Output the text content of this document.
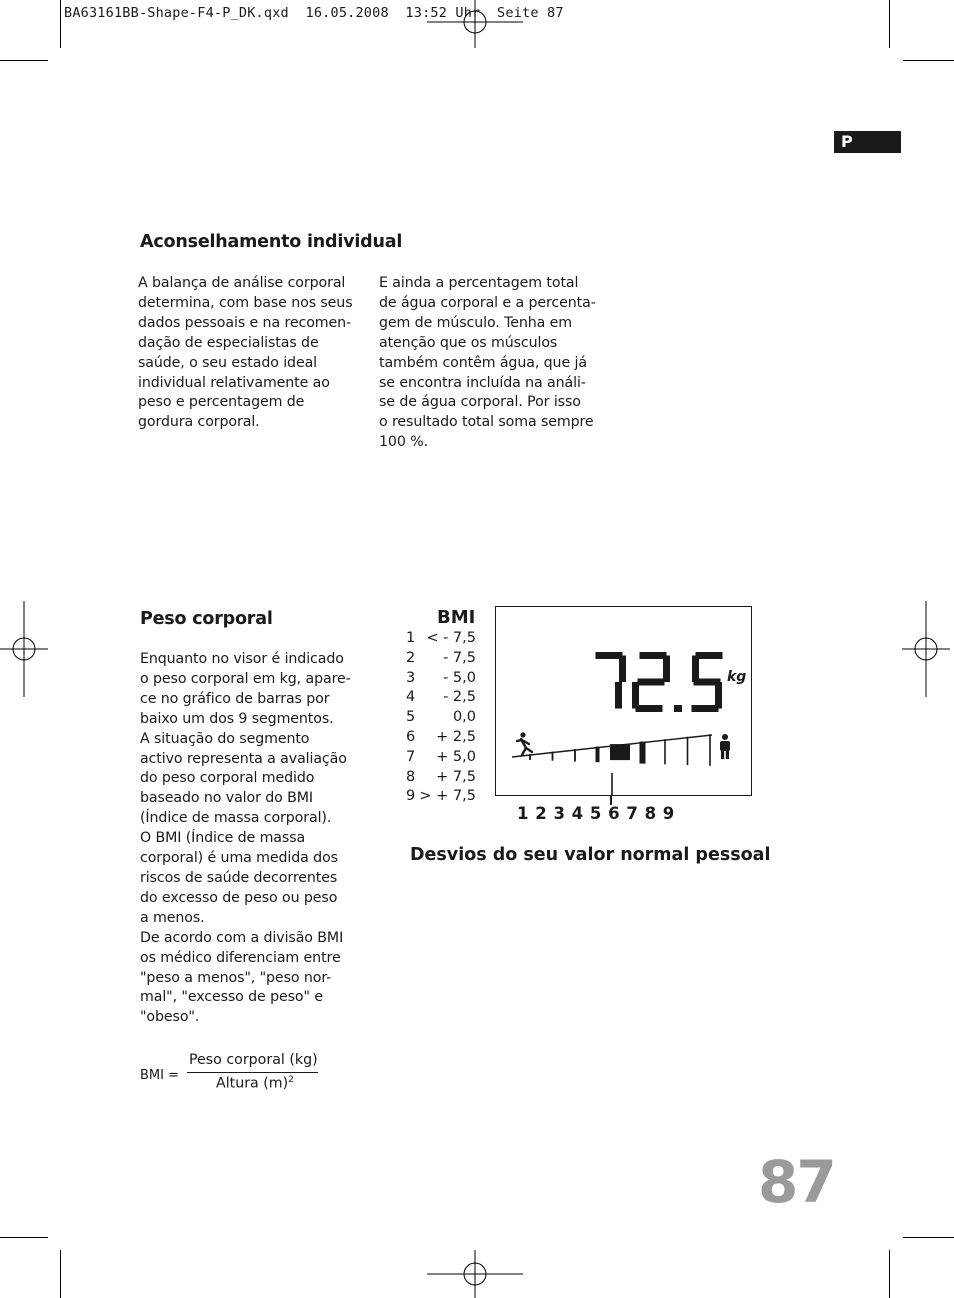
BA63161BB-Shape-F4-P_DK.qxd  16.05.2008  13:52 Uhr  Seite 87
P
Aconselhamento individual
A balança de análise corporal
determina, com base nos seus
dados pessoais e na recomen-
dação de especialistas de
saúde, o seu estado ideal
individual relativamente ao
peso e percentagem de
gordura corporal.
E ainda a percentagem total
de água corporal e a percenta-
gem de músculo. Tenha em
atenção que os músculos
também contêm água, que já
se encontra incluída na análi-
se de água corporal. Por isso
o resultado total soma sempre
100 %.
Peso corporal
Enquanto no visor é indicado
o peso corporal em kg, apare-
ce no gráfico de barras por
baixo um dos 9 segmentos.
A situação do segmento
activo representa a avaliação
do peso corporal medido
baseado no valor do BMI
(Índice de massa corporal).
O BMI (Índice de massa
corporal) é uma medida dos
riscos de saúde decorrentes
do excesso de peso ou peso
a menos.
De acordo com a divisão BMI
os médico diferenciam entre
"peso a menos", "peso nor-
mal", "excesso de peso" e
"obeso".
BMI =
Peso corporal (kg)
Altura $(m)^2$
BMI
1 < - 7,5
2 - 7,5
3 - 5,0
4 - 2,5
5	0,0
6 + 2,5
7 + 5,0
8 + 7,5
9 > + 7,5
kg
1 2 3 4 5 6 7 8 9
Desvios do seu valor normal pessoal
87
